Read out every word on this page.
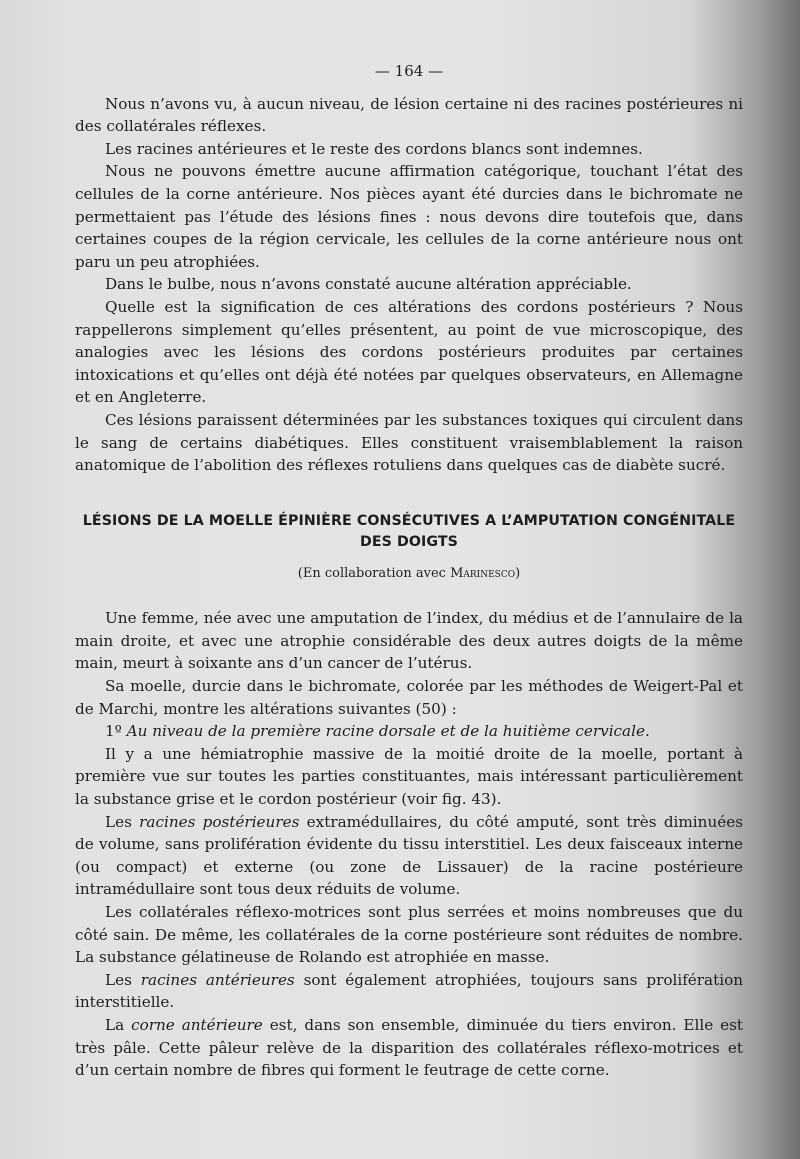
— 164 —

Nous n’avons vu, à aucun niveau, de lésion certaine ni des racines postérieures ni des collatérales réflexes.

Les racines antérieures et le reste des cordons blancs sont indemnes.

Nous ne pouvons émettre aucune affirmation catégorique, touchant l’état des cellules de la corne antérieure. Nos pièces ayant été durcies dans le bichromate ne permettaient pas l’étude des lésions fines : nous devons dire toutefois que, dans certaines coupes de la région cervicale, les cellules de la corne antérieure nous ont paru un peu atrophiées.

Dans le bulbe, nous n’avons constaté aucune altération appréciable.

Quelle est la signification de ces altérations des cordons postérieurs ? Nous rappellerons simplement qu’elles présentent, au point de vue microscopique, des analogies avec les lésions des cordons postérieurs produites par certaines intoxications et qu’elles ont déjà été notées par quelques observateurs, en Allemagne et en Angleterre.

Ces lésions paraissent déterminées par les substances toxiques qui circulent dans le sang de certains diabétiques. Elles constituent vraisemblablement la raison anatomique de l’abolition des réflexes rotuliens dans quelques cas de diabète sucré.

LÉSIONS DE LA MOELLE ÉPINIÈRE CONSÉCUTIVES A L’AMPUTATION CONGÉNITALE DES DOIGTS
(En collaboration avec Marinesco)

Une femme, née avec une amputation de l’index, du médius et de l’annulaire de la main droite, et avec une atrophie considérable des deux autres doigts de la même main, meurt à soixante ans d’un cancer de l’utérus.

Sa moelle, durcie dans le bichromate, colorée par les méthodes de Weigert-Pal et de Marchi, montre les altérations suivantes (50) :

1º Au niveau de la première racine dorsale et de la huitième cervicale.

Il y a une hémiatrophie massive de la moitié droite de la moelle, portant à première vue sur toutes les parties constituantes, mais intéressant particulièrement la substance grise et le cordon postérieur (voir fig. 43).

Les racines postérieures extramédullaires, du côté amputé, sont très diminuées de volume, sans prolifération évidente du tissu interstitiel. Les deux faisceaux interne (ou compact) et externe (ou zone de Lissauer) de la racine postérieure intramédullaire sont tous deux réduits de volume.

Les collatérales réflexo-motrices sont plus serrées et moins nombreuses que du côté sain. De même, les collatérales de la corne postérieure sont réduites de nombre. La substance gélatineuse de Rolando est atrophiée en masse.

Les racines antérieures sont également atrophiées, toujours sans prolifération interstitielle.

La corne antérieure est, dans son ensemble, diminuée du tiers environ. Elle est très pâle. Cette pâleur relève de la disparition des collatérales réflexo-motrices et d’un certain nombre de fibres qui forment le feutrage de cette corne.
